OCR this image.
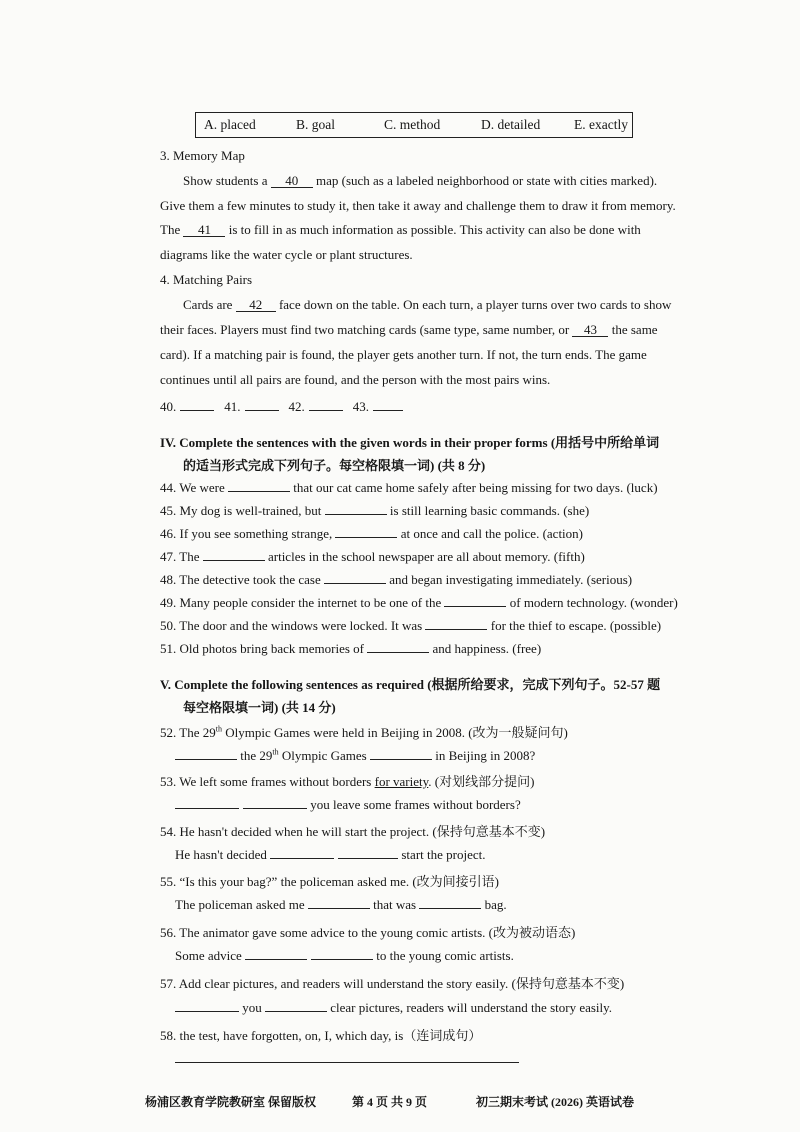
A. placed	B. goal	C. method	D. detailed	E. exactly
3. Memory Map
Show students a 40 map (such as a labeled neighborhood or state with cities marked).
Give them a few minutes to study it, then take it away and challenge them to draw it from memory.
The 41 is to fill in as much information as possible. This activity can also be done with
diagrams like the water cycle or plant structures.
4. Matching Pairs
Cards are 42 face down on the table. On each turn, a player turns over two cards to show
their faces. Players must find two matching cards (same type, same number, or 43 the same
card). If a matching pair is found, the player gets another turn. If not, the turn ends. The game
continues until all pairs are found, and the person with the most pairs wins.
40.	41.	42.	43.
IV. Complete the sentences with the given words in their proper forms (用括号中所给单词
的适当形式完成下列句子。每空格限填一词) (共 8 分)
44. We were	that our cat came home safely after being missing for two days. (luck)
45. My dog is well-trained, but	is still learning basic commands. (she)
46. If you see something strange,	at once and call the police. (action)
47. The	articles in the school newspaper are all about memory. (fifth)
48. The detective took the case	and began investigating immediately. (serious)
49. Many people consider the internet to be one of the	of modern technology. (wonder)
50. The door and the windows were locked. It was	for the thief to escape. (possible)
51. Old photos bring back memories of	and happiness. (free)
V. Complete the following sentences as required (根据所给要求，完成下列句子。52-57 题
每空格限填一词) (共 14 分)
52. The 29th Olympic Games were held in Beijing in 2008. (改为一般疑问句)
the 29th Olympic Games	in Beijing in 2008?
53. We left some frames without borders for variety. (对划线部分提问)
you leave some frames without borders?
54. He hasn't decided when he will start the project. (保持句意基本不变)
He hasn't decided	start the project.
55. “Is this your bag?” the policeman asked me. (改为间接引语)
The policeman asked me	that was	bag.
56. The animator gave some advice to the young comic artists. (改为被动语态)
Some advice	to the young comic artists.
57. Add clear pictures, and readers will understand the story easily. (保持句意基本不变)
you	clear pictures, readers will understand the story easily.
58. the test, have forgotten, on, I, which day, is（连词成句）
杨浦区教育学院教研室 保留版权	第 4 页 共 9 页	初三期末考试 (2026) 英语试卷
